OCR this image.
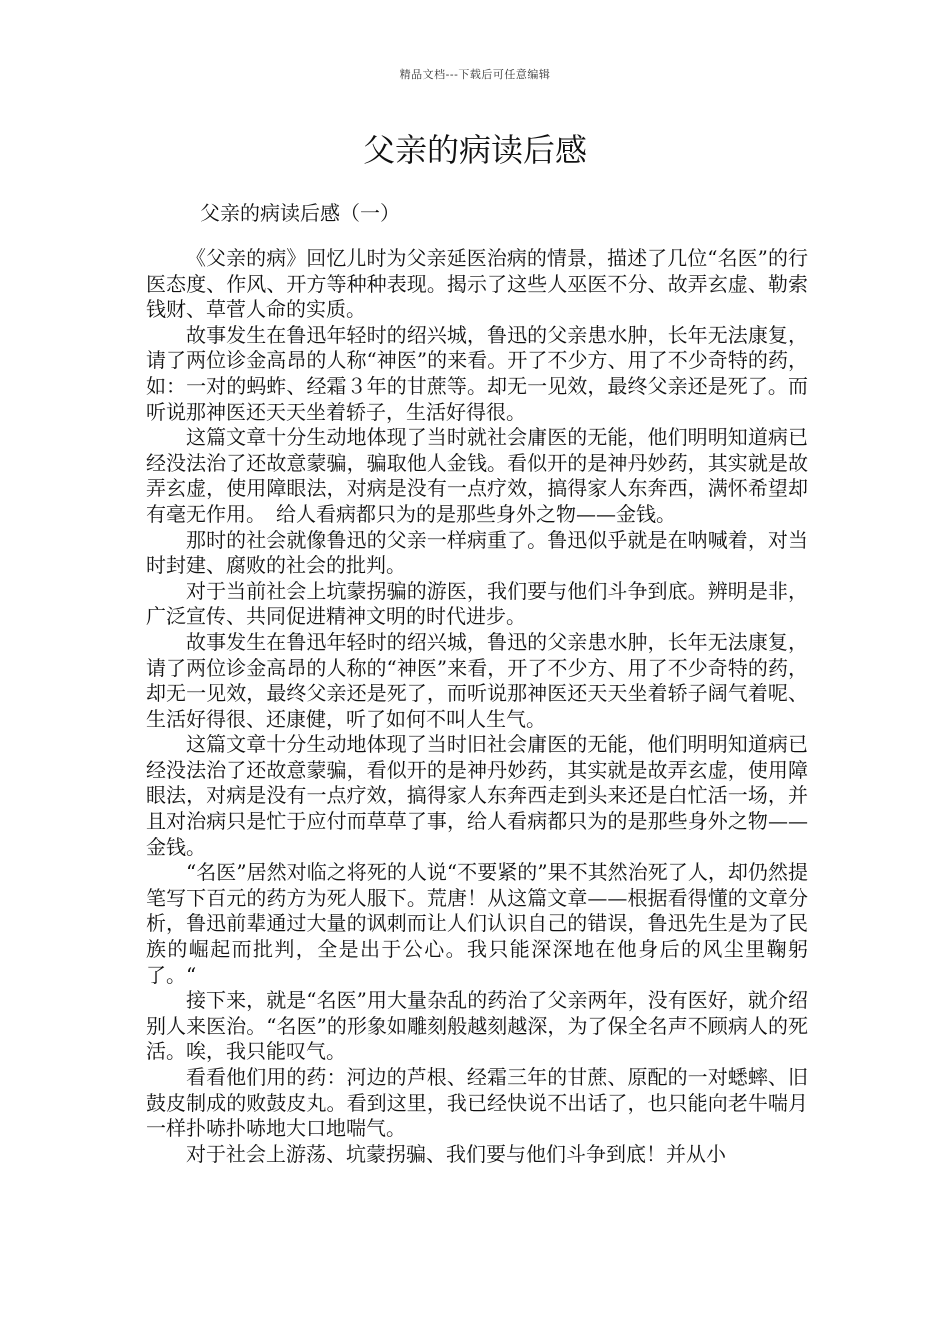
精品文档---下载后可任意编辑
父亲的病读后感

父亲的病读后感（一）

《父亲的病》回忆儿时为父亲延医治病的情景，描述了几位“名医”的行医态度、作风、开方等种种表现。揭示了这些人巫医不分、故弄玄虚、勒索钱财、草菅人命的实质。

故事发生在鲁迅年轻时的绍兴城，鲁迅的父亲患水肿，长年无法康复，请了两位诊金高昂的人称“神医”的来看。开了不少方、用了不少奇特的药，如：一对的蚂蚱、经霜３年的甘蔗等。却无一见效，最终父亲还是死了。而听说那神医还天天坐着轿子，生活好得很。

这篇文章十分生动地体现了当时就社会庸医的无能，他们明明知道病已经没法治了还故意蒙骗，骗取他人金钱。看似开的是神丹妙药，其实就是故弄玄虚，使用障眼法，对病是没有一点疗效，搞得家人东奔西，满怀希望却有毫无作用。　给人看病都只为的是那些身外之物——金钱。

那时的社会就像鲁迅的父亲一样病重了。鲁迅似乎就是在呐喊着，对当时封建、腐败的社会的批判。

对于当前社会上坑蒙拐骗的游医，我们要与他们斗争到底。辨明是非，广泛宣传、共同促进精神文明的时代进步。

故事发生在鲁迅年轻时的绍兴城，鲁迅的父亲患水肿，长年无法康复，请了两位诊金高昂的人称的“神医”来看，开了不少方、用了不少奇特的药，却无一见效，最终父亲还是死了，而听说那神医还天天坐着轿子阔气着呢、生活好得很、还康健，听了如何不叫人生气。

这篇文章十分生动地体现了当时旧社会庸医的无能，他们明明知道病已经没法治了还故意蒙骗，看似开的是神丹妙药，其实就是故弄玄虚，使用障眼法，对病是没有一点疗效，搞得家人东奔西走到头来还是白忙活一场，并且对治病只是忙于应付而草草了事，给人看病都只为的是那些身外之物——金钱。

“名医”居然对临之将死的人说“不要紧的”果不其然治死了人，却仍然提笔写下百元的药方为死人服下。荒唐！从这篇文章——根据看得懂的文章分析，鲁迅前辈通过大量的讽刺而让人们认识自己的错误，鲁迅先生是为了民族的崛起而批判，全是出于公心。我只能深深地在他身后的风尘里鞠躬了。“

接下来，就是“名医”用大量杂乱的药治了父亲两年，没有医好，就介绍别人来医治。“名医”的形象如雕刻般越刻越深，为了保全名声不顾病人的死活。唉，我只能叹气。

看看他们用的药：河边的芦根、经霜三年的甘蔗、原配的一对蟋蟀、旧鼓皮制成的败鼓皮丸。看到这里，我已经快说不出话了，也只能向老牛喘月一样扑哧扑哧地大口地喘气。

对于社会上游荡、坑蒙拐骗、我们要与他们斗争到底！并从小
